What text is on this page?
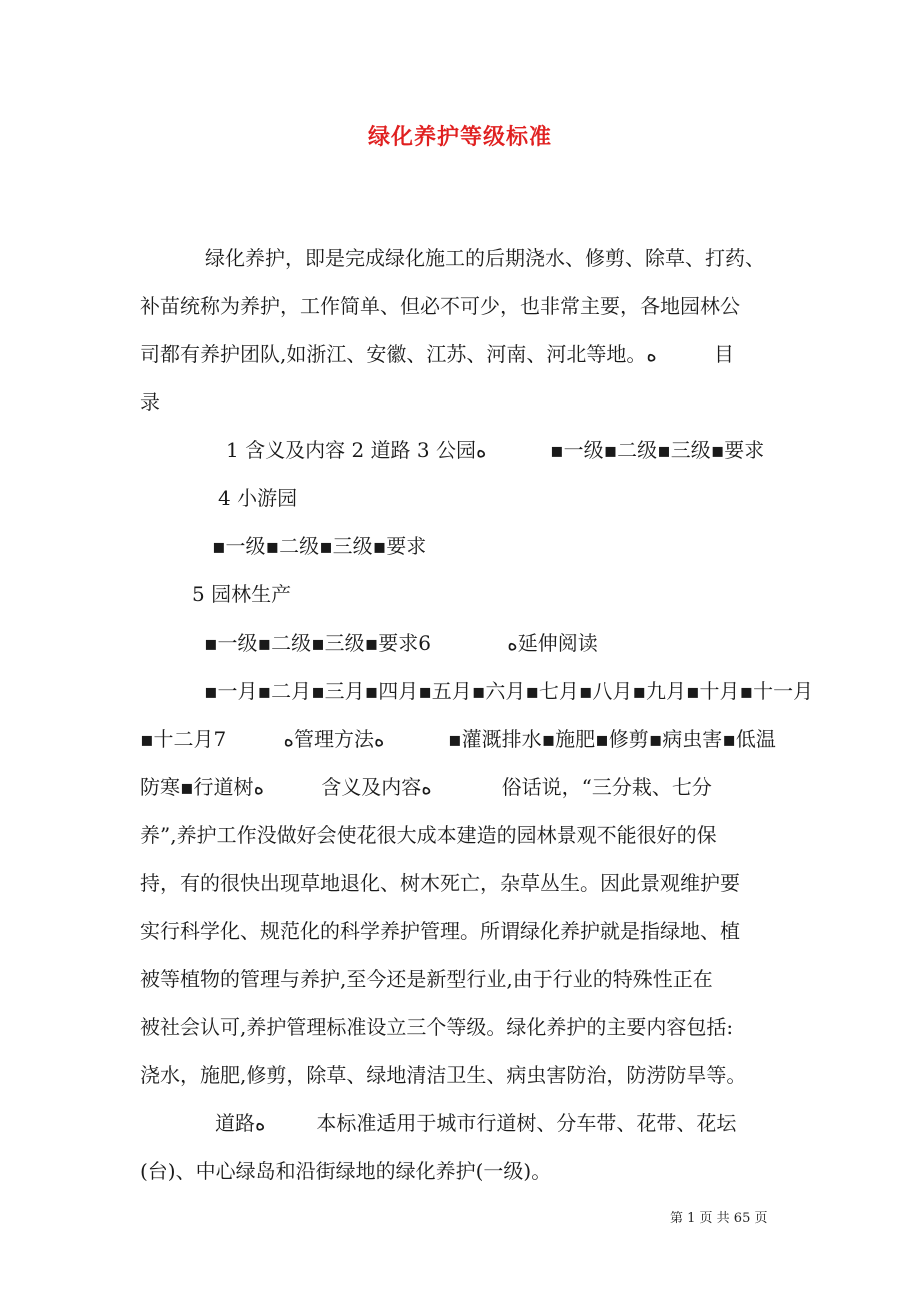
绿化养护等级标准
绿化养护，即是完成绿化施工的后期浇水、修剪、除草、打药、
补苗统称为养护，工作简单、但必不可少，也非常主要，各地园林公
司都有养护团队,如浙江、安徽、江苏、河南、河北等地。ﻩ         目
录
1 含义及内容 2 道路 3 公园ﻩ          ▪一级▪二级▪三级▪要求
4 小游园
▪一级▪二级▪三级▪要求
5 园林生产
▪一级▪二级▪三级▪要求6            ﻩ延伸阅读
▪一月▪二月▪三月▪四月▪五月▪六月▪七月▪八月▪九月▪十月▪十一月
▪十二月7         ﻩ管理方法ﻩ          ▪灌溉排水▪施肥▪修剪▪病虫害▪低温
防寒▪行道树ﻩ         含义及内容ﻩ           俗话说，“三分栽、七分
养”,养护工作没做好会使花很大成本建造的园林景观不能很好的保
持，有的很快出现草地退化、树木死亡，杂草丛生。因此景观维护要
实行科学化、规范化的科学养护管理。所谓绿化养护就是指绿地、植
被等植物的管理与养护,至今还是新型行业,由于行业的特殊性正在
被社会认可,养护管理标准设立三个等级。绿化养护的主要内容包括:
浇水，施肥,修剪，除草、绿地清洁卫生、病虫害防治，防涝防旱等。
道路ﻩ        本标准适用于城市行道树、分车带、花带、花坛
(台)、中心绿岛和沿街绿地的绿化养护(一级)。
第 1 页 共 65 页
